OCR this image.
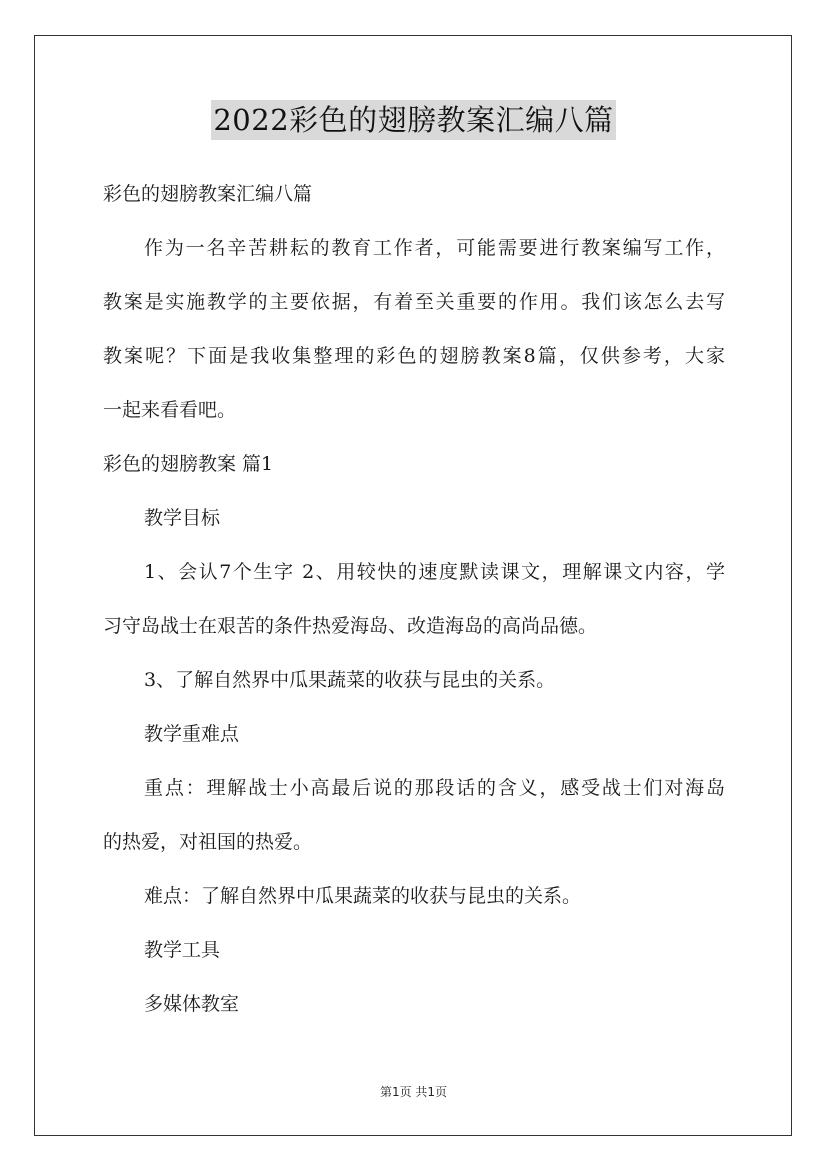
2022彩色的翅膀教案汇编八篇
彩色的翅膀教案汇编八篇
作为一名辛苦耕耘的教育工作者，可能需要进行教案编写工作，
教案是实施教学的主要依据，有着至关重要的作用。我们该怎么去写
教案呢？下面是我收集整理的彩色的翅膀教案8篇，仅供参考，大家
一起来看看吧。
彩色的翅膀教案 篇1
教学目标
1、会认7个生字 2、用较快的速度默读课文，理解课文内容，学
习守岛战士在艰苦的条件热爱海岛、改造海岛的高尚品德。
3、了解自然界中瓜果蔬菜的收获与昆虫的关系。
教学重难点
重点：理解战士小高最后说的那段话的含义，感受战士们对海岛
的热爱，对祖国的热爱。
难点：了解自然界中瓜果蔬菜的收获与昆虫的关系。
教学工具
多媒体教室
第1页 共1页
